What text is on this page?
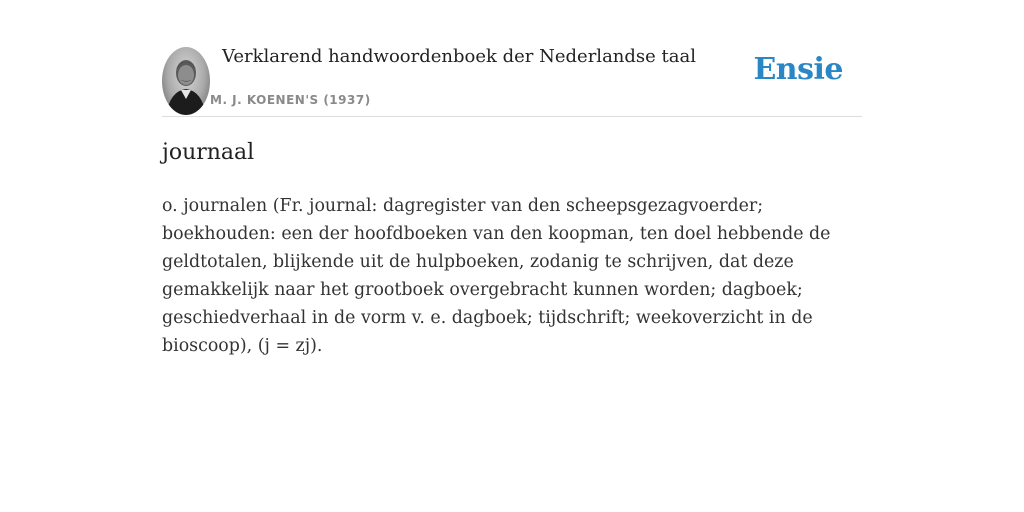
Verklarend handwoordenboek der Nederlandse taal
M. J. KOENEN'S (1937)
Ensie
journaal

o. journalen (Fr. journal: dagregister van den scheepsgezagvoerder; boekhouden: een der hoofdboeken van den koopman, ten doel hebbende de geldtotalen, blijkende uit de hulpboeken, zodanig te schrijven, dat deze gemakkelijk naar het grootboek overgebracht kunnen worden; dagboek; geschiedverhaal in de vorm v. e. dagboek; tijdschrift; weekoverzicht in de bioscoop), (j = zj).
